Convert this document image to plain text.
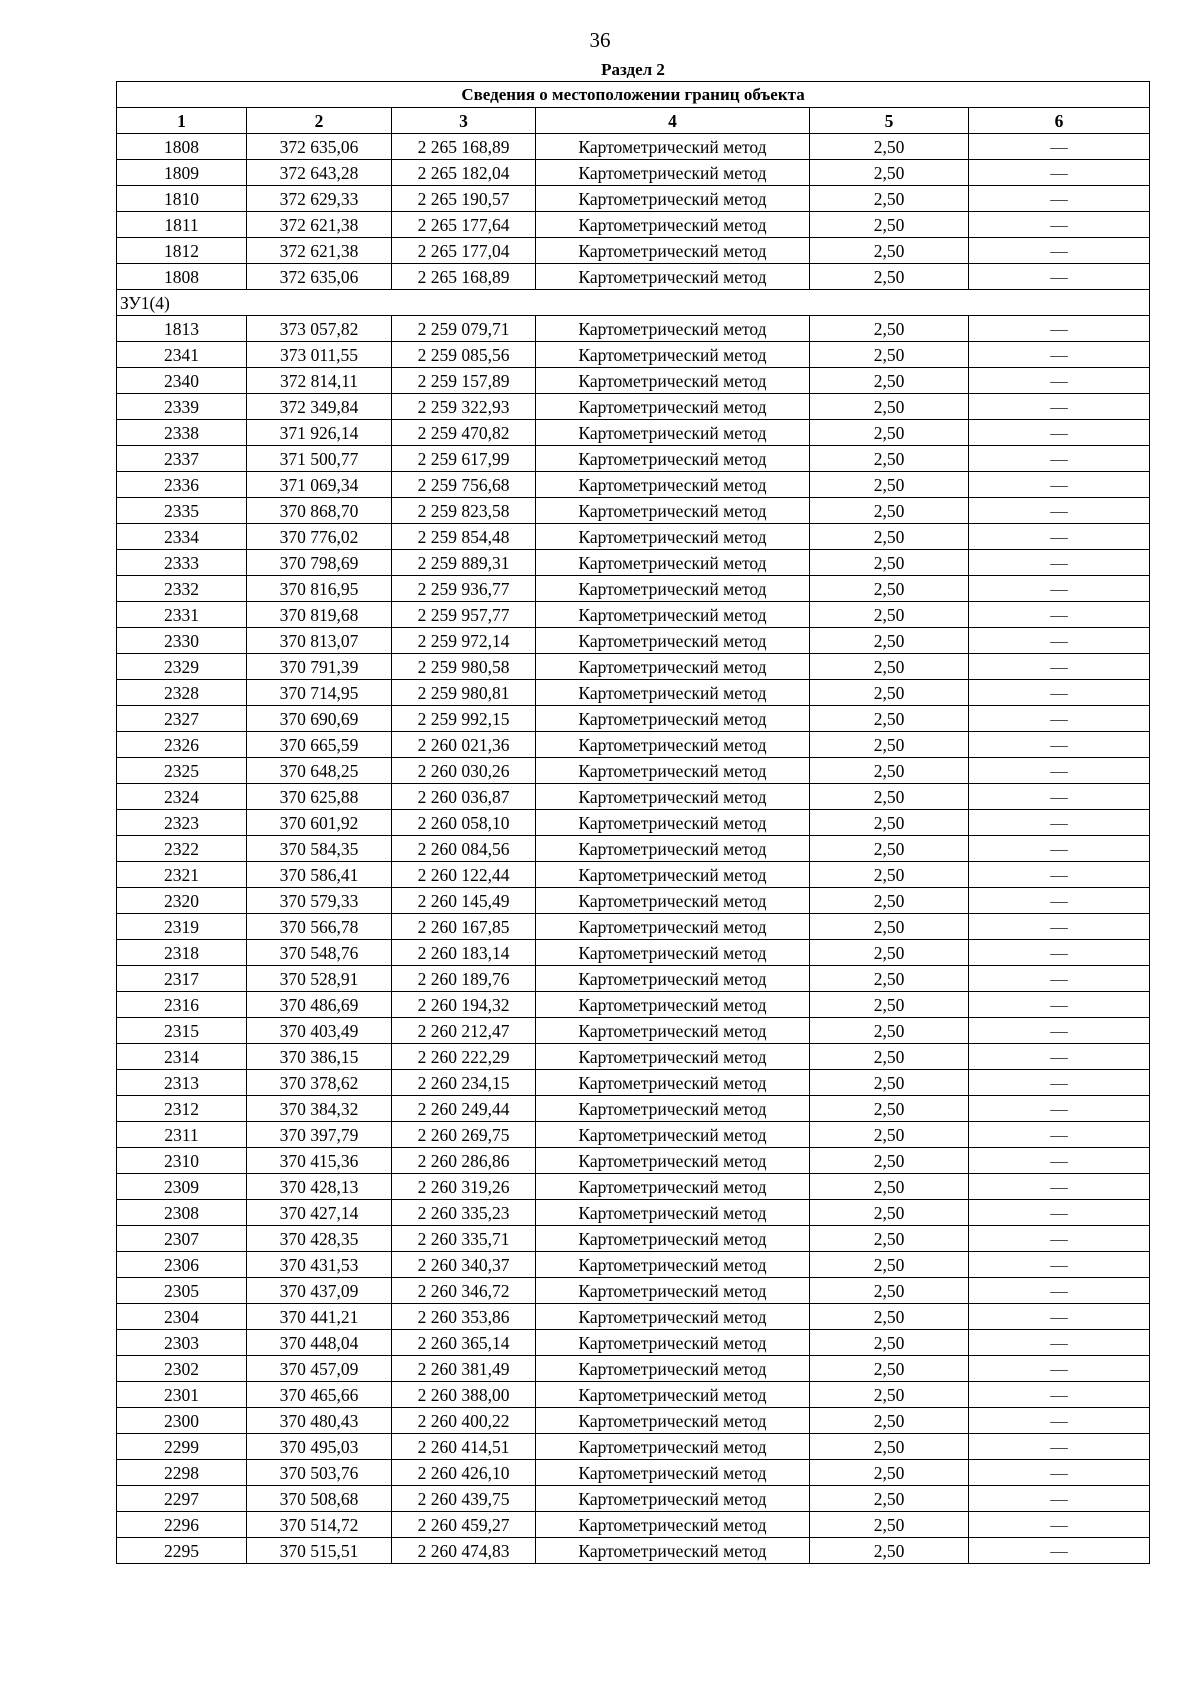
36
Раздел 2
Сведения о местоположении границ объекта					
1	2	3	4	5	6
1808	372 635,06	2 265 168,89	Картометрический метод	2,50	—
1809	372 643,28	2 265 182,04	Картометрический метод	2,50	—
1810	372 629,33	2 265 190,57	Картометрический метод	2,50	—
1811	372 621,38	2 265 177,64	Картометрический метод	2,50	—
1812	372 621,38	2 265 177,04	Картометрический метод	2,50	—
1808	372 635,06	2 265 168,89	Картометрический метод	2,50	—
ЗУ1(4)					
1813	373 057,82	2 259 079,71	Картометрический метод	2,50	—
2341	373 011,55	2 259 085,56	Картометрический метод	2,50	—
2340	372 814,11	2 259 157,89	Картометрический метод	2,50	—
2339	372 349,84	2 259 322,93	Картометрический метод	2,50	—
2338	371 926,14	2 259 470,82	Картометрический метод	2,50	—
2337	371 500,77	2 259 617,99	Картометрический метод	2,50	—
2336	371 069,34	2 259 756,68	Картометрический метод	2,50	—
2335	370 868,70	2 259 823,58	Картометрический метод	2,50	—
2334	370 776,02	2 259 854,48	Картометрический метод	2,50	—
2333	370 798,69	2 259 889,31	Картометрический метод	2,50	—
2332	370 816,95	2 259 936,77	Картометрический метод	2,50	—
2331	370 819,68	2 259 957,77	Картометрический метод	2,50	—
2330	370 813,07	2 259 972,14	Картометрический метод	2,50	—
2329	370 791,39	2 259 980,58	Картометрический метод	2,50	—
2328	370 714,95	2 259 980,81	Картометрический метод	2,50	—
2327	370 690,69	2 259 992,15	Картометрический метод	2,50	—
2326	370 665,59	2 260 021,36	Картометрический метод	2,50	—
2325	370 648,25	2 260 030,26	Картометрический метод	2,50	—
2324	370 625,88	2 260 036,87	Картометрический метод	2,50	—
2323	370 601,92	2 260 058,10	Картометрический метод	2,50	—
2322	370 584,35	2 260 084,56	Картометрический метод	2,50	—
2321	370 586,41	2 260 122,44	Картометрический метод	2,50	—
2320	370 579,33	2 260 145,49	Картометрический метод	2,50	—
2319	370 566,78	2 260 167,85	Картометрический метод	2,50	—
2318	370 548,76	2 260 183,14	Картометрический метод	2,50	—
2317	370 528,91	2 260 189,76	Картометрический метод	2,50	—
2316	370 486,69	2 260 194,32	Картометрический метод	2,50	—
2315	370 403,49	2 260 212,47	Картометрический метод	2,50	—
2314	370 386,15	2 260 222,29	Картометрический метод	2,50	—
2313	370 378,62	2 260 234,15	Картометрический метод	2,50	—
2312	370 384,32	2 260 249,44	Картометрический метод	2,50	—
2311	370 397,79	2 260 269,75	Картометрический метод	2,50	—
2310	370 415,36	2 260 286,86	Картометрический метод	2,50	—
2309	370 428,13	2 260 319,26	Картометрический метод	2,50	—
2308	370 427,14	2 260 335,23	Картометрический метод	2,50	—
2307	370 428,35	2 260 335,71	Картометрический метод	2,50	—
2306	370 431,53	2 260 340,37	Картометрический метод	2,50	—
2305	370 437,09	2 260 346,72	Картометрический метод	2,50	—
2304	370 441,21	2 260 353,86	Картометрический метод	2,50	—
2303	370 448,04	2 260 365,14	Картометрический метод	2,50	—
2302	370 457,09	2 260 381,49	Картометрический метод	2,50	—
2301	370 465,66	2 260 388,00	Картометрический метод	2,50	—
2300	370 480,43	2 260 400,22	Картометрический метод	2,50	—
2299	370 495,03	2 260 414,51	Картометрический метод	2,50	—
2298	370 503,76	2 260 426,10	Картометрический метод	2,50	—
2297	370 508,68	2 260 439,75	Картометрический метод	2,50	—
2296	370 514,72	2 260 459,27	Картометрический метод	2,50	—
2295	370 515,51	2 260 474,83	Картометрический метод	2,50	—
